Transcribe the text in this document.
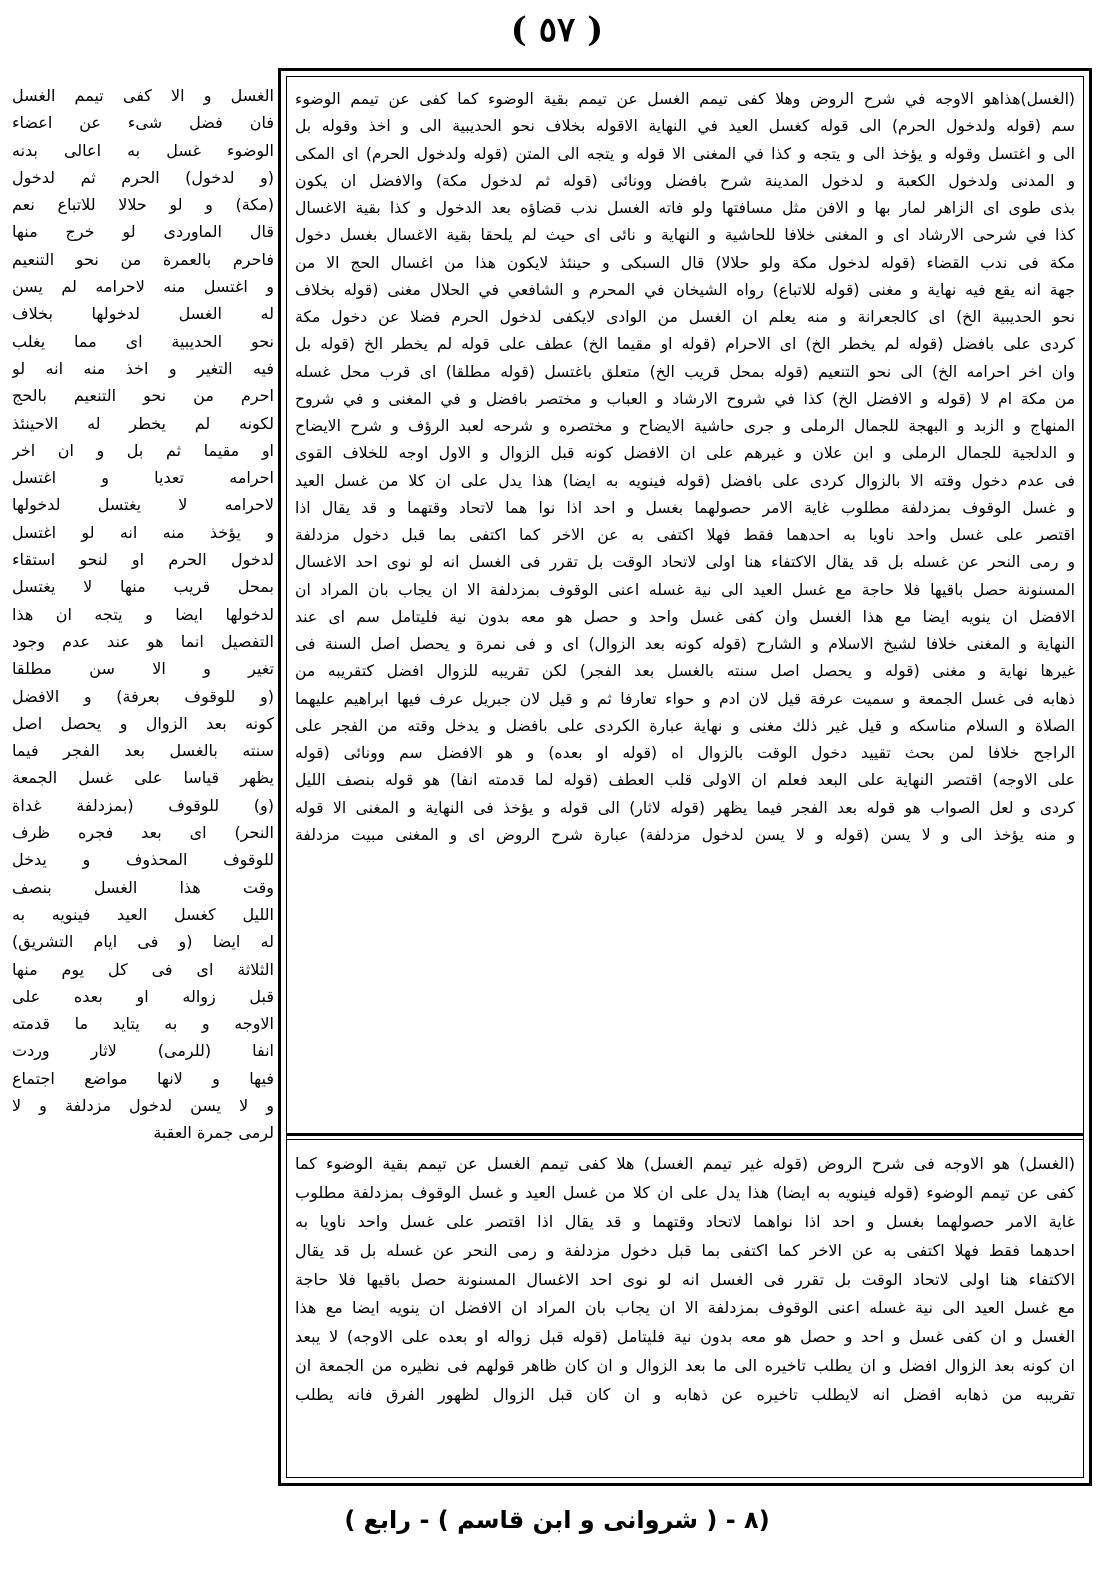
( ٥٧ )
(الغسل)هذاهو الاوجه في شرح الروض وهلا كفى تيمم الغسل عن تيمم بقية الوضوء كما كفى عن تيمم الوضوء
سم (قوله ولدخول الحرم) الى قوله كغسل العيد في النهاية الاقوله بخلاف نحو الحديبية الى و اخذ وقوله بل
الى و اغتسل وقوله و يؤخذ الى و يتجه و كذا في المغنى الا قوله و يتجه الى المتن (قوله ولدخول الحرم) اى المكى
و المدنى ولدخول الكعبة و لدخول المدينة شرح بافضل وونائى (قوله ثم لدخول مكة) والافضل ان يكون
بذى طوى اى الزاهر لمار بها و الافن مثل مسافتها ولو فاته الغسل ندب قضاؤه بعد الدخول و كذا بقية الاغسال
كذا في شرحى الارشاد اى و المغنى خلافا للحاشية و النهاية و نائى اى حيث لم يلحقا بقية الاغسال بغسل دخول
مكة فى ندب القضاء (قوله لدخول مكة ولو حلالا) قال السبكى و حينئذ لايكون هذا من اغسال الحج الا من
جهة انه يقع فيه نهاية و مغنى (قوله للاتباع) رواه الشيخان في المحرم و الشافعي في الحلال مغنى (قوله بخلاف
نحو الحديبية الخ) اى كالجعرانة و منه يعلم ان الغسل من الوادى لايكفى لدخول الحرم فضلا عن دخول مكة
كردى على بافضل (قوله لم يخطر الخ) اى الاحرام (قوله او مقيما الخ) عطف على قوله لم يخطر الخ (قوله بل
وان اخر احرامه الخ) الى نحو التنعيم (قوله بمحل قريب الخ) متعلق باغتسل (قوله مطلقا) اى قرب محل غسله
من مكة ام لا (قوله و الافضل الخ) كذا في شروح الارشاد و العباب و مختصر بافضل و في المغنى و في شروح
المنهاج و الزبد و البهجة للجمال الرملى و جرى حاشية الايضاح و مختصره و شرحه لعبد الرؤف و شرح الايضاح
و الدلجية للجمال الرملى و ابن علان و غيرهم على ان الافضل كونه قبل الزوال و الاول اوجه للخلاف القوى
فى عدم دخول وقته الا بالزوال كردى على بافضل (قوله فينويه به ايضا) هذا يدل على ان كلا من غسل العيد
و غسل الوقوف بمزدلفة مطلوب غاية الامر حصولهما بغسل و احد اذا نوا هما لاتحاد وقتهما و قد يقال اذا
اقتصر على غسل واحد ناويا به احدهما فقط فهلا اكتفى به عن الاخر كما اكتفى بما قبل دخول مزدلفة
و رمى النحر عن غسله بل قد يقال الاكتفاء هنا اولى لاتحاد الوقت بل تقرر فى الغسل انه لو نوى احد الاغسال
المسنونة حصل باقيها فلا حاجة مع غسل العيد الى نية غسله اعنى الوقوف بمزدلفة الا ان يجاب بان المراد ان
الافضل ان ينويه ايضا مع هذا الغسل وان كفى غسل واحد و حصل هو معه بدون نية فليتامل سم اى عند
النهاية و المغنى خلافا لشيخ الاسلام و الشارح (قوله كونه بعد الزوال) اى و فى نمرة و يحصل اصل السنة فى
غيرها نهاية و مغنى (قوله و يحصل اصل سنته بالغسل بعد الفجر) لكن تقريبه للزوال افضل كتقريبه من
ذهابه فى غسل الجمعة و سميت عرفة قيل لان ادم و حواء تعارفا ثم و قيل لان جبريل عرف فيها ابراهيم عليهما
الصلاة و السلام مناسكه و قيل غير ذلك مغنى و نهاية عبارة الكردى على بافضل و يدخل وقته من الفجر على
الراجح خلافا لمن بحث تقييد دخول الوقت بالزوال اه (قوله او بعده) و هو الافضل سم وونائى (قوله
على الاوجه) اقتصر النهاية على البعد فعلم ان الاولى قلب العطف (قوله لما قدمته انفا) هو قوله بنصف الليل
كردى و لعل الصواب هو قوله بعد الفجر فيما يظهر (قوله لاثار) الى قوله و يؤخذ فى النهاية و المغنى الا قوله
و منه يؤخذ الى و لا يسن (قوله و لا يسن لدخول مزدلفة) عبارة شرح الروض اى و المغنى مبيت مزدلفة
(الغسل) هو الاوجه فى شرح الروض (قوله غير تيمم الغسل) هلا كفى تيمم الغسل عن تيمم بقية الوضوء كما
كفى عن تيمم الوضوء (قوله فينويه به ايضا) هذا يدل على ان كلا من غسل العيد و غسل الوقوف بمزدلفة مطلوب
غاية الامر حصولهما بغسل و احد اذا نواهما لاتحاد وقتهما و قد يقال اذا اقتصر على غسل واحد ناويا به
احدهما فقط فهلا اكتفى به عن الاخر كما اكتفى بما قبل دخول مزدلفة و رمى النحر عن غسله بل قد يقال
الاكتفاء هنا اولى لاتحاد الوقت بل تقرر فى الغسل انه لو نوى احد الاغسال المسنونة حصل باقيها فلا حاجة
مع غسل العيد الى نية غسله اعنى الوقوف بمزدلفة الا ان يجاب بان المراد ان الافضل ان ينويه ايضا مع هذا
الغسل و ان كفى غسل و احد و حصل هو معه بدون نية فليتامل (قوله قبل زواله او بعده على الاوجه) لا يبعد
ان كونه بعد الزوال افضل و ان يطلب تاخيره الى ما بعد الزوال و ان كان ظاهر قولهم فى نظيره من الجمعة ان
تقريبه من ذهابه افضل انه لايطلب تاخيره عن ذهابه و ان كان قبل الزوال لظهور الفرق فانه يطلب
الغسل و الا كفى تيمم الغسل
فان فضل شىء عن اعضاء
الوضوء غسل به اعالى بدنه
(و لدخول) الحرم ثم لدخول
(مكة) و لو حلالا للاتباع نعم
قال الماوردى لو خرج منها
فاحرم بالعمرة من نحو التنعيم
و اغتسل منه لاحرامه لم يسن
له الغسل لدخولها بخلاف
نحو الحديبية اى مما يغلب
فيه التغير و اخذ منه انه لو
احرم من نحو التنعيم بالحج
لكونه لم يخطر له الاحينئذ
او مقيما ثم بل و ان اخر
احرامه تعديا و اغتسل
لاحرامه لا يغتسل لدخولها
و يؤخذ منه انه لو اغتسل
لدخول الحرم او لنحو استقاء
بمحل قريب منها لا يغتسل
لدخولها ايضا و يتجه ان هذا
التفصيل انما هو عند عدم وجود
تغير و الا سن مطلقا
(و للوقوف بعرفة) و الافضل
كونه بعد الزوال و يحصل اصل
سنته بالغسل بعد الفجر فيما
يظهر قياسا على غسل الجمعة
(و) للوقوف (بمزدلفة غداة
النحر) اى بعد فجره ظرف
للوقوف المحذوف و يدخل
وقت هذا الغسل بنصف
الليل كغسل العيد فينويه به
له ايضا (و فى ايام التشريق)
الثلاثة اى فى كل يوم منها
قبل زواله او بعده على
الاوجه و به يتايد ما قدمته
انفا (للرمى) لاثار وردت
فيها و لانها مواضع اجتماع
و لا يسن لدخول مزدلفة و لا
لرمى جمرة العقبة
(٨ - ( شروانى و ابن قاسم ) - رابع )
